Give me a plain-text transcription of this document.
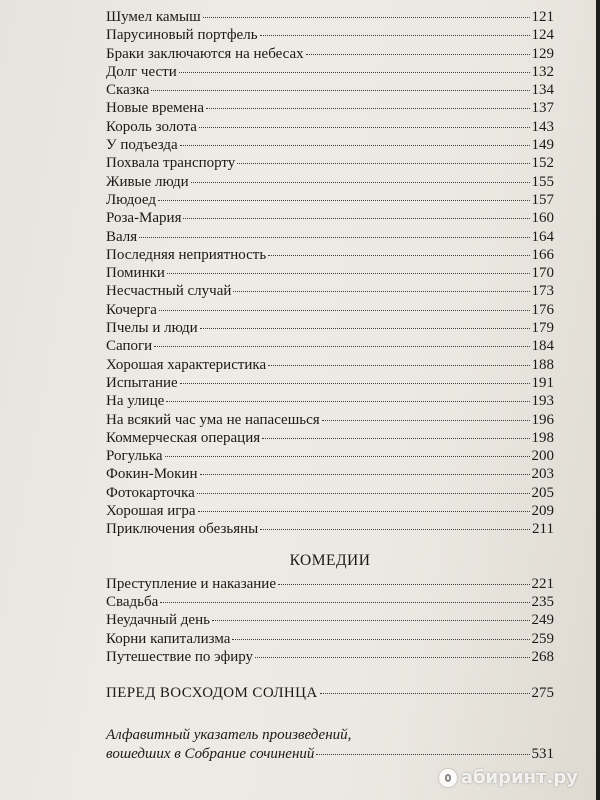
Шумел камыш	121
Парусиновый портфель	124
Браки заключаются на небесах	129
Долг чести	132
Сказка	134
Новые времена	137
Король золота	143
У подъезда	149
Похвала транспорту	152
Живые люди	155
Людоед	157
Роза-Мария	160
Валя	164
Последняя неприятность	166
Поминки	170
Несчастный случай	173
Кочерга	176
Пчелы и люди	179
Сапоги	184
Хорошая характеристика	188
Испытание	191
На улице	193
На всякий час ума не напасешься	196
Коммерческая операция	198
Рогулька	200
Фокин-Мокин	203
Фотокарточка	205
Хорошая игра	209
Приключения обезьяны	211
КОМЕДИИ
Преступление и наказание	221
Свадьба	235
Неудачный день	249
Корни капитализма	259
Путешествие по эфиру	268
ПЕРЕД ВОСХОДОМ СОЛНЦА	275
Алфавитный указатель произведений,
вошедших в Собрание сочинений	531
абиринт.ру
